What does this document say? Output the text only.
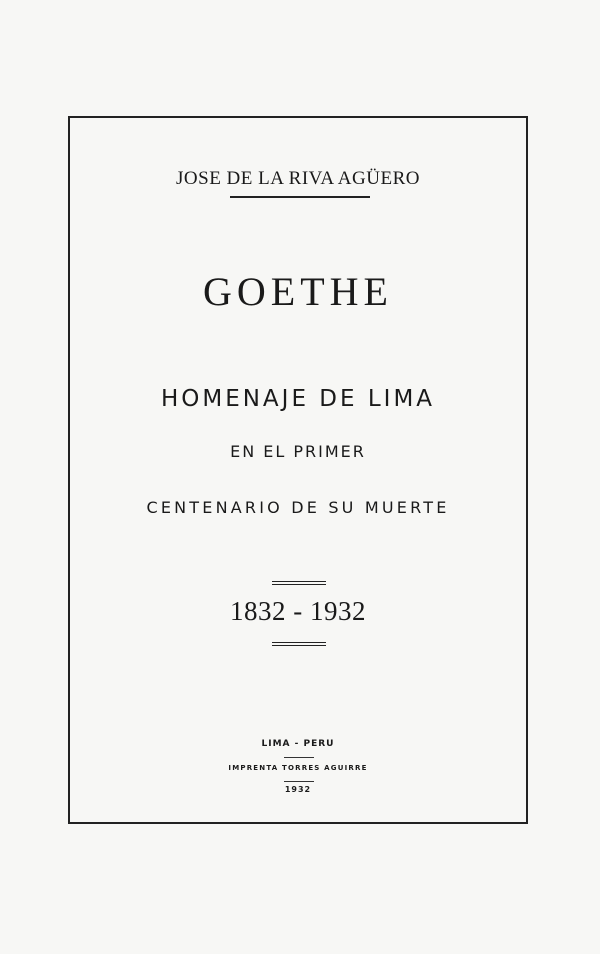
JOSE DE LA RIVA AGÜERO
GOETHE
HOMENAJE DE LIMA
EN EL PRIMER
CENTENARIO DE SU MUERTE
1832 - 1932
LIMA - PERU
IMPRENTA TORRES AGUIRRE
1932
